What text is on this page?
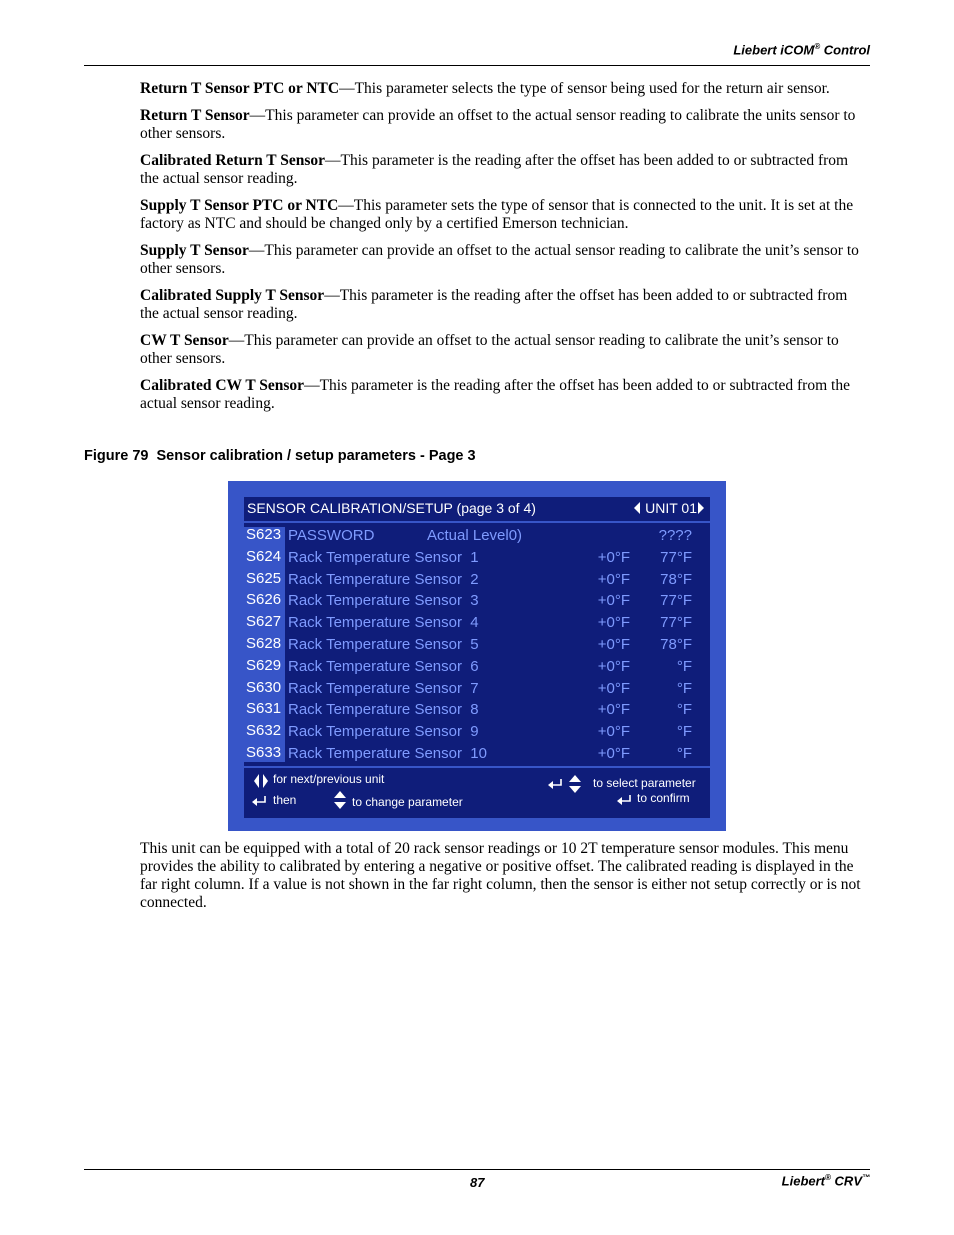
Liebert iCOM® Control

Return T Sensor PTC or NTC—This parameter selects the type of sensor being used for the return air sensor.

Return T Sensor—This parameter can provide an offset to the actual sensor reading to calibrate the units sensor to other sensors.

Calibrated Return T Sensor—This parameter is the reading after the offset has been added to or subtracted from the actual sensor reading.

Supply T Sensor PTC or NTC—This parameter sets the type of sensor that is connected to the unit. It is set at the factory as NTC and should be changed only by a certified Emerson technician.

Supply T Sensor—This parameter can provide an offset to the actual sensor reading to calibrate the unit’s sensor to other sensors.

Calibrated Supply T Sensor—This parameter is the reading after the offset has been added to or subtracted from the actual sensor reading.

CW T Sensor—This parameter can provide an offset to the actual sensor reading to calibrate the unit’s sensor to other sensors.

Calibrated CW T Sensor—This parameter is the reading after the offset has been added to or subtracted from the actual sensor reading.

Figure 79 Sensor calibration / setup parameters - Page 3
SENSOR CALIBRATION/SETUP (page 3 of 4)	UNIT 01
S623 PASSWORD	Actual Level0)	????
S624 Rack Temperature Sensor  1	+0°F 77°F
S625 Rack Temperature Sensor  2	+0°F 78°F
S626 Rack Temperature Sensor  3	+0°F 77°F
S627 Rack Temperature Sensor  4	+0°F 77°F
S628 Rack Temperature Sensor  5	+0°F 78°F
S629 Rack Temperature Sensor  6	+0°F	°F
S630 Rack Temperature Sensor  7	+0°F	°F
S631 Rack Temperature Sensor  8	+0°F	°F
S632 Rack Temperature Sensor  9	+0°F	°F
S633 Rack Temperature Sensor  10	+0°F	°F
for next/previous unit
then	to change parameter
to select parameter
to confirm
This unit can be equipped with a total of 20 rack sensor readings or 10 2T temperature sensor modules. This menu provides the ability to calibrated by entering a negative or positive offset. The calibrated reading is displayed in the far right column. If a value is not shown in the far right column, then the sensor is either not setup correctly or is not connected.
87	Liebert® CRV™
